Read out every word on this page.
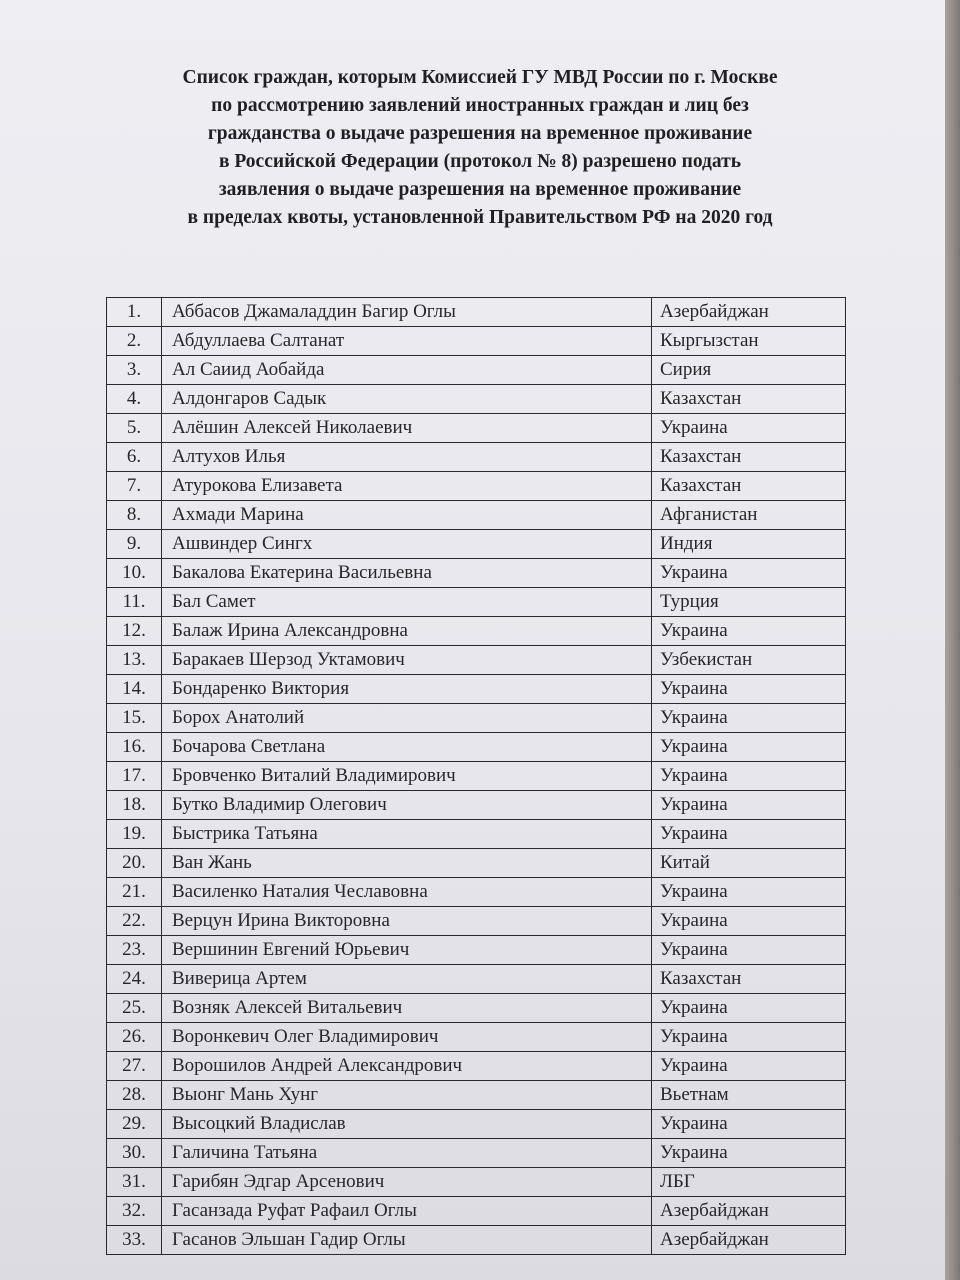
Список граждан, которым Комиссией ГУ МВД России по г. Москве
по рассмотрению заявлений иностранных граждан и лиц без
гражданства о выдаче разрешения на временное проживание
в Российской Федерации (протокол № 8) разрешено подать
заявления о выдаче разрешения на временное проживание
в пределах квоты, установленной Правительством РФ на 2020 год
1.	Аббасов Джамаладдин Багир Оглы	Азербайджан
2.	Абдуллаева Салтанат	Кыргызстан
3.	Ал Саиид Аобайда	Сирия
4.	Алдонгаров Садык	Казахстан
5.	Алёшин Алексей Николаевич	Украина
6.	Алтухов Илья	Казахстан
7.	Атурокова Елизавета	Казахстан
8.	Ахмади Марина	Афганистан
9.	Ашвиндер Сингх	Индия
10.	Бакалова Екатерина Васильевна	Украина
11.	Бал Самет	Турция
12.	Балаж Ирина Александровна	Украина
13.	Баракаев Шерзод Уктамович	Узбекистан
14.	Бондаренко Виктория	Украина
15.	Борох Анатолий	Украина
16.	Бочарова Светлана	Украина
17.	Бровченко Виталий Владимирович	Украина
18.	Бутко Владимир Олегович	Украина
19.	Быстрика Татьяна	Украина
20.	Ван Жань	Китай
21.	Василенко Наталия Чеславовна	Украина
22.	Верцун Ирина Викторовна	Украина
23.	Вершинин Евгений Юрьевич	Украина
24.	Виверица Артем	Казахстан
25.	Возняк Алексей Витальевич	Украина
26.	Воронкевич Олег Владимирович	Украина
27.	Ворошилов Андрей Александрович	Украина
28.	Выонг Мань Хунг	Вьетнам
29.	Высоцкий Владислав	Украина
30.	Галичина Татьяна	Украина
31.	Гарибян Эдгар Арсенович	ЛБГ
32.	Гасанзада Руфат Рафаил Оглы	Азербайджан
33.	Гасанов Эльшан Гадир Оглы	Азербайджан
